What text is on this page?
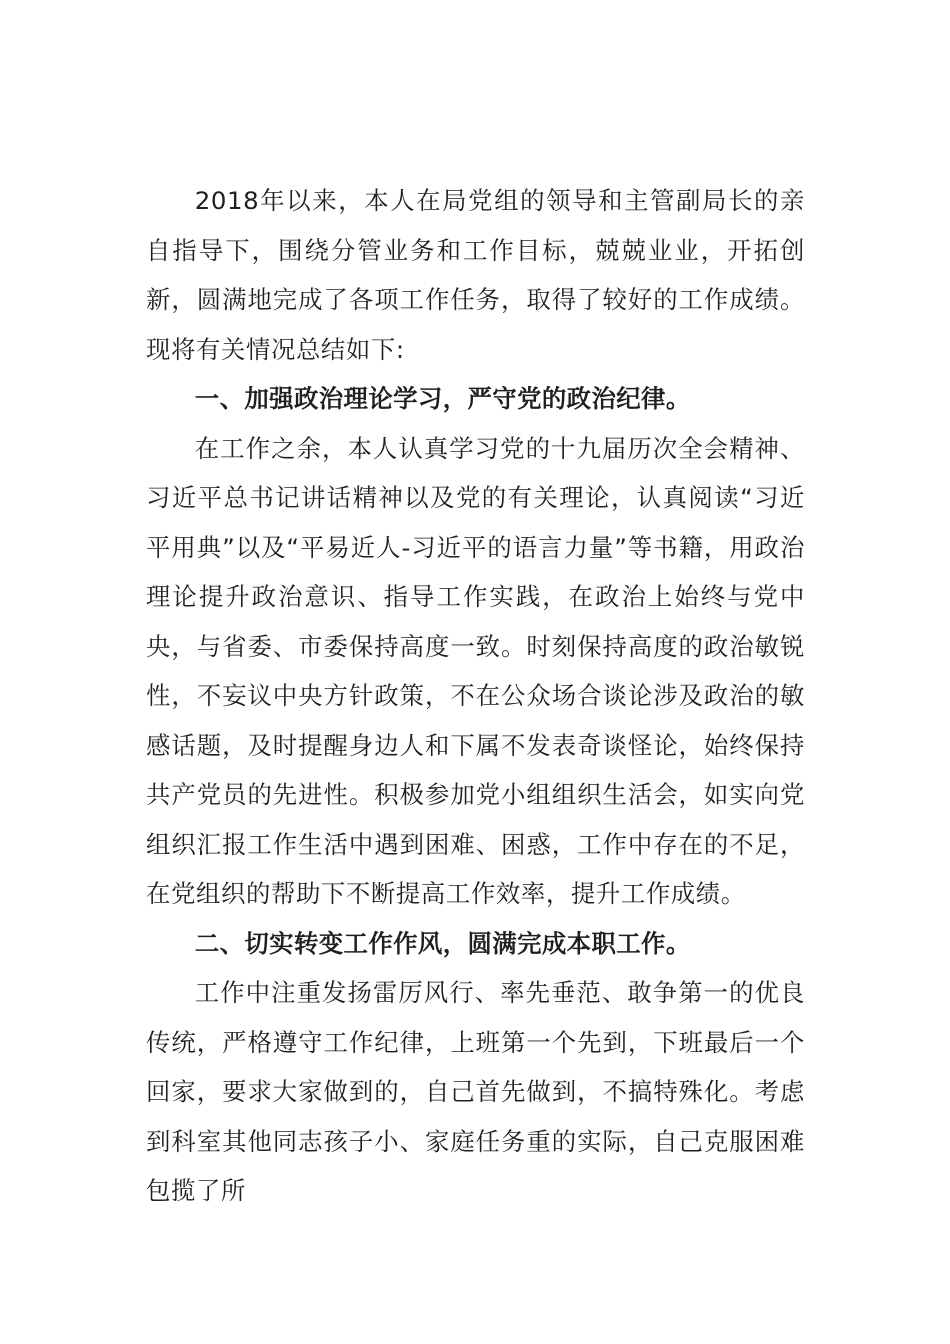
2018年以来，本人在局党组的领导和主管副局长的亲自指导下，围绕分管业务和工作目标，兢兢业业，开拓创新，圆满地完成了各项工作任务，取得了较好的工作成绩。现将有关情况总结如下:

一、加强政治理论学习，严守党的政治纪律。

在工作之余，本人认真学习党的十九届历次全会精神、习近平总书记讲话精神以及党的有关理论，认真阅读“习近平用典”以及“平易近人-习近平的语言力量”等书籍，用政治理论提升政治意识、指导工作实践，在政治上始终与党中央，与省委、市委保持高度一致。时刻保持高度的政治敏锐性，不妄议中央方针政策，不在公众场合谈论涉及政治的敏感话题，及时提醒身边人和下属不发表奇谈怪论，始终保持共产党员的先进性。积极参加党小组组织生活会，如实向党组织汇报工作生活中遇到困难、困惑，工作中存在的不足，在党组织的帮助下不断提高工作效率，提升工作成绩。

二、切实转变工作作风，圆满完成本职工作。

工作中注重发扬雷厉风行、率先垂范、敢争第一的优良传统，严格遵守工作纪律，上班第一个先到，下班最后一个回家，要求大家做到的，自己首先做到，不搞特殊化。考虑到科室其他同志孩子小、家庭任务重的实际，自己克服困难包揽了所
